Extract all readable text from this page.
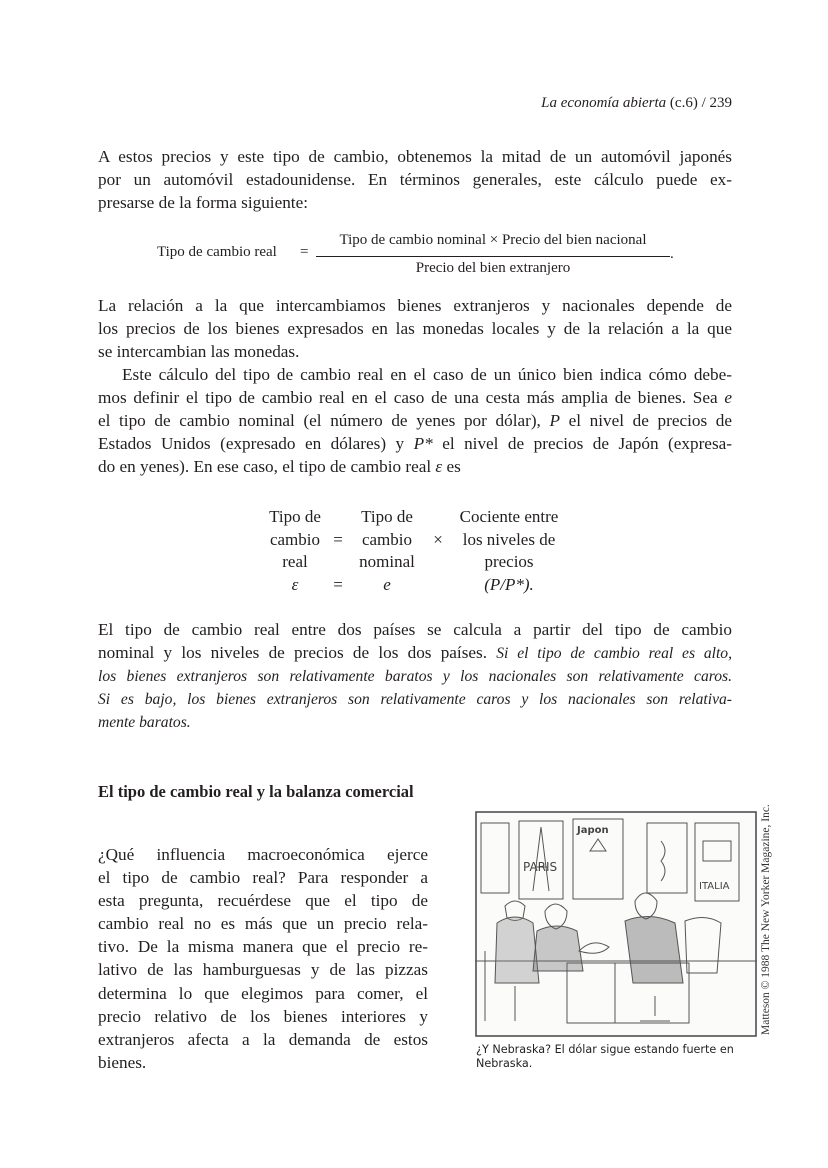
La economía abierta (c.6) / 239
A estos precios y este tipo de cambio, obtenemos la mitad de un automóvil japonés
por un automóvil estadounidense. En términos generales, este cálculo puede ex-
presarse de la forma siguiente:
Tipo de cambio real =
Tipo de cambio nominal × Precio del bien nacional
.
Precio del bien extranjero
La relación a la que intercambiamos bienes extranjeros y nacionales depende de
los precios de los bienes expresados en las monedas locales y de la relación a la que
se intercambian las monedas.
Este cálculo del tipo de cambio real en el caso de un único bien indica cómo debe-
mos definir el tipo de cambio real en el caso de una cesta más amplia de bienes. Sea e
el tipo de cambio nominal (el número de yenes por dólar), P el nivel de precios de
Estados Unidos (expresado en dólares) y P* el nivel de precios de Japón (expresa-
do en yenes). En ese caso, el tipo de cambio real ε es
Tipo de
cambio
real
ε

=

=
Tipo de
cambio
nominal
e

×

Cociente entre
los niveles de
precios
(P/P*).
El tipo de cambio real entre dos países se calcula a partir del tipo de cambio
nominal y los niveles de precios de los dos países. Si el tipo de cambio real es alto,
los bienes extranjeros son relativamente baratos y los nacionales son relativamente caros.
Si es bajo, los bienes extranjeros son relativamente caros y los nacionales son relativa-
mente baratos.
El tipo de cambio real y la balanza comercial
¿Qué influencia macroeconómica ejerce
el tipo de cambio real? Para responder a
esta pregunta, recuérdese que el tipo de
cambio real no es más que un precio rela-
tivo. De la misma manera que el precio re-
lativo de las hamburguesas y de las pizzas
determina lo que elegimos para comer, el
precio relativo de los bienes interiores y
extranjeros afecta a la demanda de estos
bienes.
PARIS
Japon
ITALIA
¿Y Nebraska? El dólar sigue estando fuerte en
Nebraska.
Matteson © 1988 The New Yorker Magazine, Inc.
